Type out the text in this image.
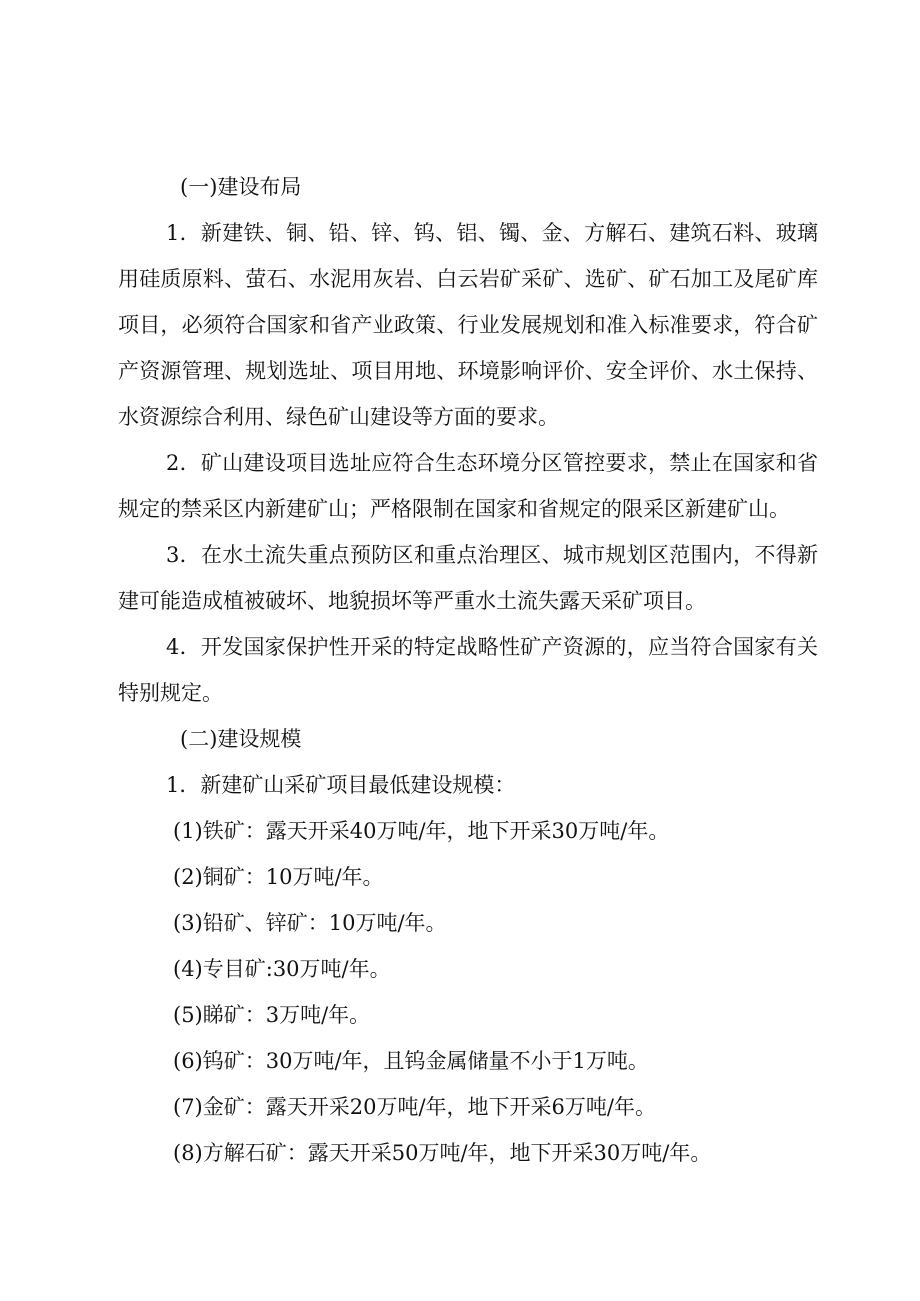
(一)建设布局

1．新建铁、铜、铅、锌、钨、铝、镯、金、方解石、建筑石料、玻璃用硅质原料、萤石、水泥用灰岩、白云岩矿采矿、选矿、矿石加工及尾矿库项目，必须符合国家和省产业政策、行业发展规划和准入标准要求，符合矿产资源管理、规划选址、项目用地、环境影响评价、安全评价、水土保持、水资源综合利用、绿色矿山建设等方面的要求。

2．矿山建设项目选址应符合生态环境分区管控要求，禁止在国家和省规定的禁采区内新建矿山；严格限制在国家和省规定的限采区新建矿山。

3．在水土流失重点预防区和重点治理区、城市规划区范围内，不得新建可能造成植被破坏、地貌损坏等严重水土流失露天采矿项目。

4．开发国家保护性开采的特定战略性矿产资源的，应当符合国家有关特别规定。

(二)建设规模

1．新建矿山采矿项目最低建设规模：

(1)铁矿：露天开采40万吨/年，地下开采30万吨/年。

(2)铜矿：10万吨/年。

(3)铅矿、锌矿：10万吨/年。

(4)专目矿:30万吨/年。

(5)睇矿：3万吨/年。

(6)钨矿：30万吨/年，且钨金属储量不小于1万吨。

(7)金矿：露天开采20万吨/年，地下开采6万吨/年。

(8)方解石矿：露天开采50万吨/年，地下开采30万吨/年。
